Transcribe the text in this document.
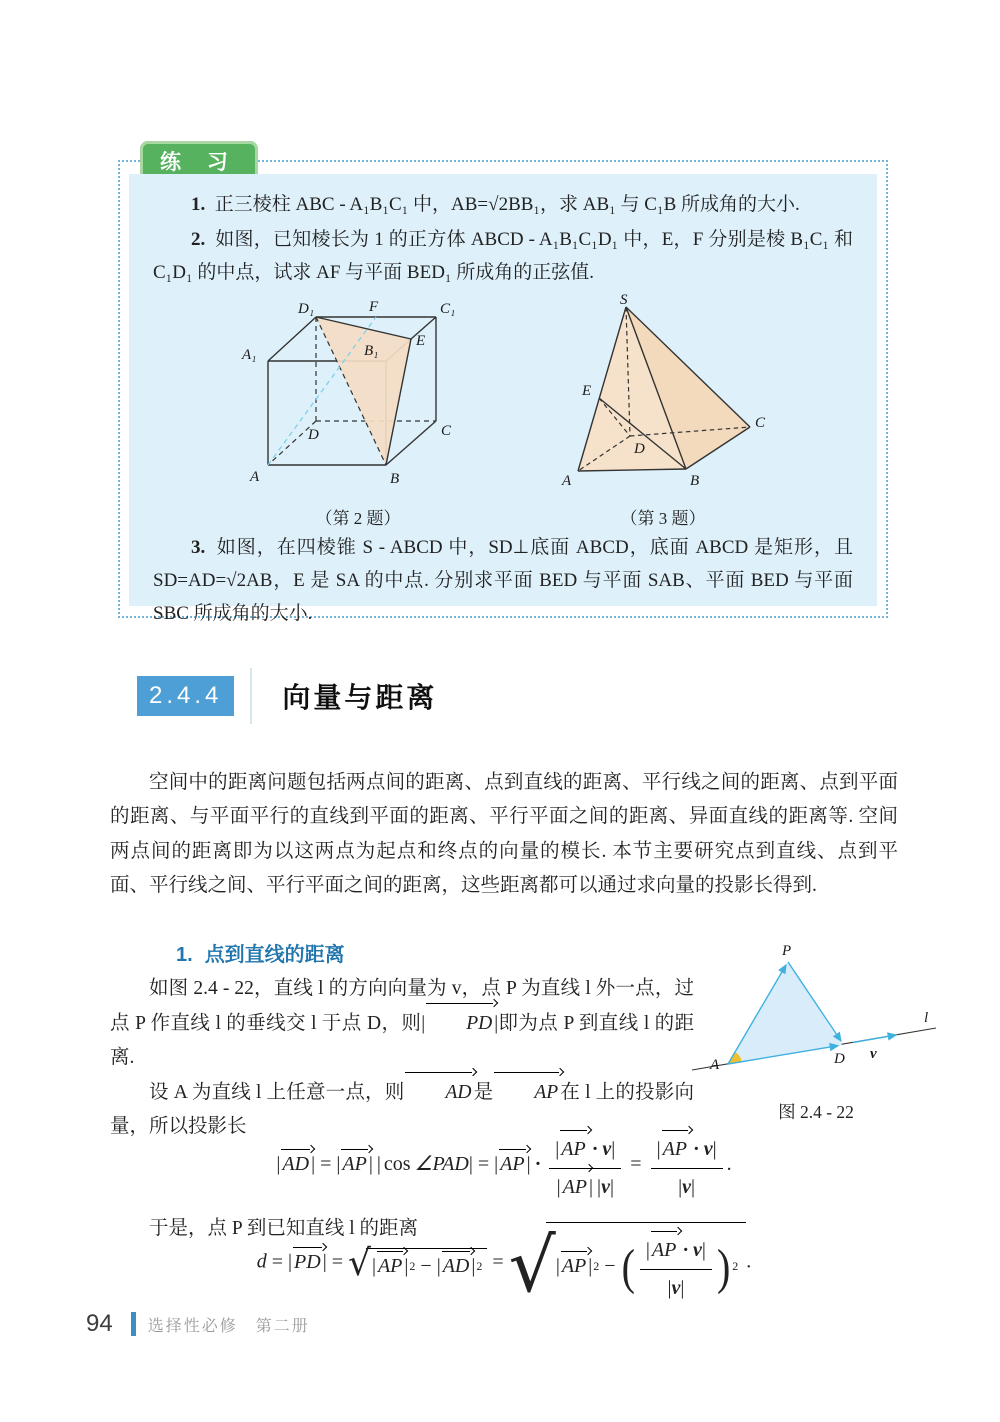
练 习

1. 正三棱柱 ABC - A₁B₁C₁ 中，AB=√2BB₁，求 AB₁ 与 C₁B 所成角的大小.

2. 如图，已知棱长为 1 的正方体 ABCD - A₁B₁C₁D₁ 中，E，F 分别是棱 B₁C₁ 和 C₁D₁ 的中点，试求 AF 与平面 BED₁ 所成角的正弦值.

D₁	F	C₁
A₁	B₁
E
D	C
A	B
（第 2 题）
S
E
A	B
C
D
（第 3 题）

3. 如图，在四棱锥 S - ABCD 中，SD⊥底面 ABCD，底面 ABCD 是矩形，且 SD=AD=√2AB，E 是 SA 的中点. 分别求平面 BED 与平面 SAB、平面 BED 与平面 SBC 所成角的大小.

2.4.4	向量与距离

空间中的距离问题包括两点间的距离、点到直线的距离、平行线之间的距离、点到平面的距离、与平面平行的直线到平面的距离、平行平面之间的距离、异面直线的距离等. 空间两点间的距离即为以这两点为起点和终点的向量的模长. 本节主要研究点到直线、点到平面、平行线之间、平行平面之间的距离，这些距离都可以通过求向量的投影长得到.

1. 点到直线的距离

如图 2.4 - 22，直线 l 的方向向量为 v，点 P 为直线 l 外一点，过点 P 作直线 l 的垂线交 l 于点 D，则| PD |即为点 P 到直线 l 的距离.

设 A 为直线 l 上任意一点，则 AD 是 AP 在 l 上的投影向量，所以投影长

P
A	D v
l
图 2.4 - 22
| AD | = | AP |  | cos  ∠PAD| = | AP | · $\frac{| AP \cdot v|}{| AP | |v|} = \frac{| AP \cdot v|}{|v|}$ .

于是，点 P 到已知直线 l 的距离

d = | PD | = √ | AP | 2 − | AD | 2 = √ | AP | 2 − ( $\frac{| AP \cdot v|}{|v|}$ ) 2 .
94 选择性必修　第二册
